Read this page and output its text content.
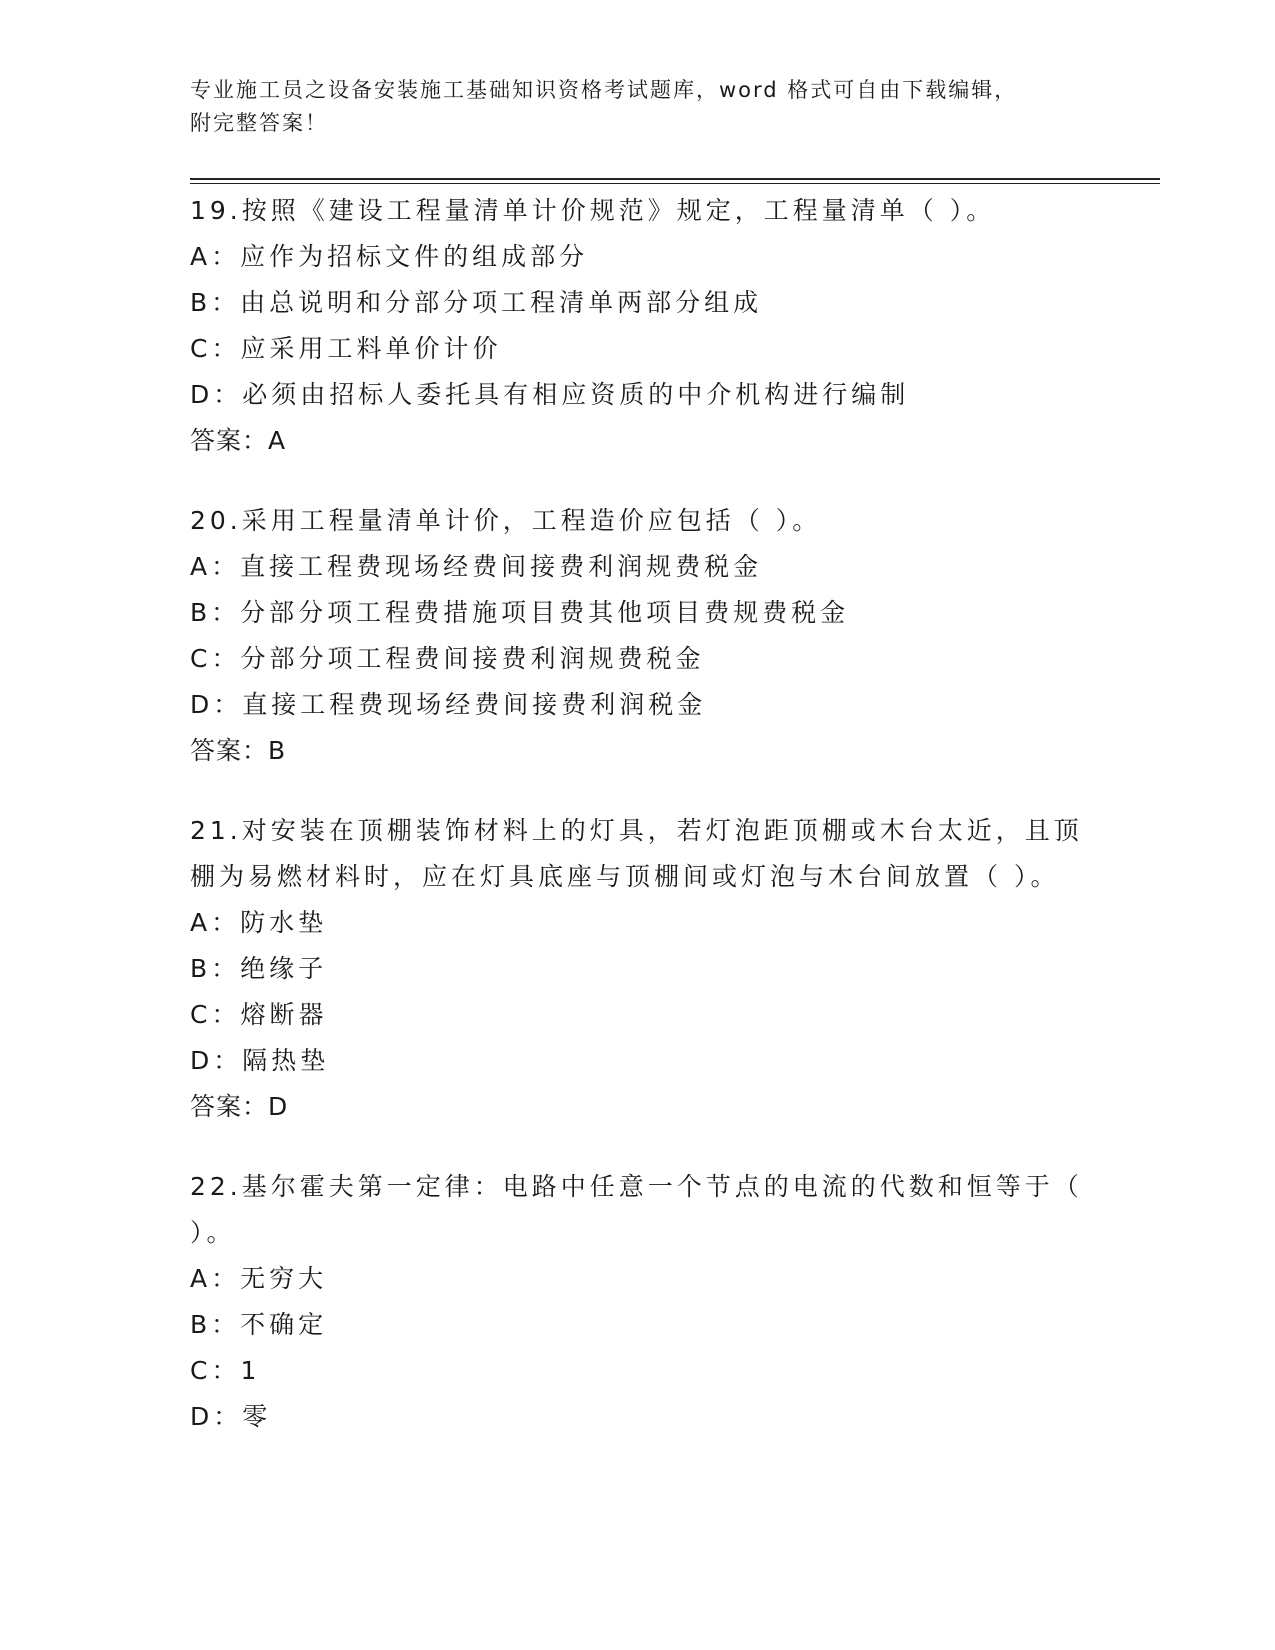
专业施工员之设备安装施工基础知识资格考试题库，word 格式可自由下载编辑，
附完整答案！
19.按照《建设工程量清单计价规范》规定，工程量清单（ ）。
A：应作为招标文件的组成部分
B：由总说明和分部分项工程清单两部分组成
C：应采用工料单价计价
D：必须由招标人委托具有相应资质的中介机构进行编制
答案：A
20.采用工程量清单计价，工程造价应包括（ ）。
A：直接工程费现场经费间接费利润规费税金
B：分部分项工程费措施项目费其他项目费规费税金
C：分部分项工程费间接费利润规费税金
D：直接工程费现场经费间接费利润税金
答案：B
21.对安装在顶棚装饰材料上的灯具，若灯泡距顶棚或木台太近，且顶
棚为易燃材料时，应在灯具底座与顶棚间或灯泡与木台间放置（ ）。
A：防水垫
B：绝缘子
C：熔断器
D：隔热垫
答案：D
22.基尔霍夫第一定律：电路中任意一个节点的电流的代数和恒等于（
）。
A：无穷大
B：不确定
C：1
D：零
